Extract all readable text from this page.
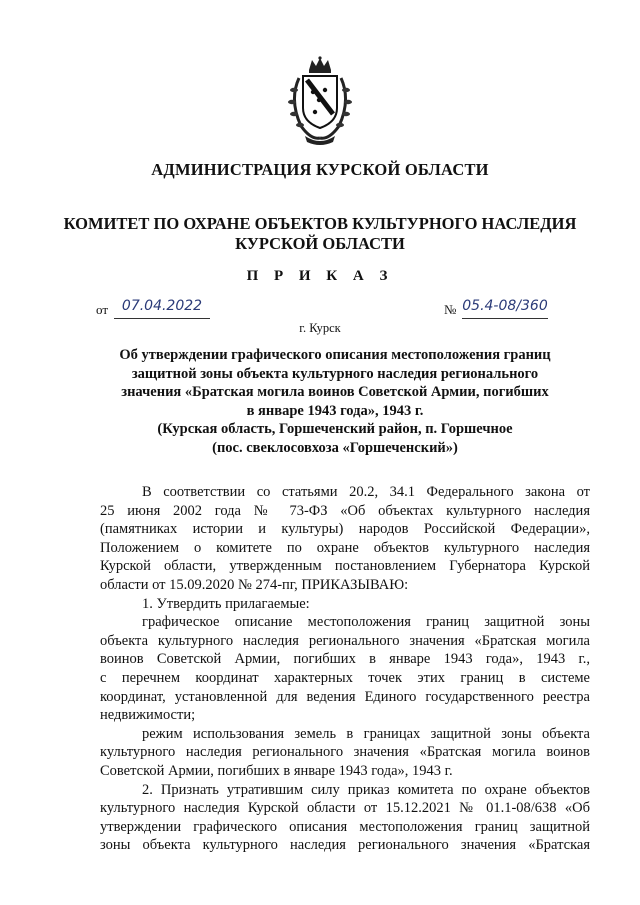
АДМИНИСТРАЦИЯ КУРСКОЙ ОБЛАСТИ
КОМИТЕТ ПО ОХРАНЕ ОБЪЕКТОВ КУЛЬТУРНОГО НАСЛЕДИЯ
КУРСКОЙ ОБЛАСТИ
П Р И К А З
от 07.04.2022	№ 05.4-08/360
г. Курск
Об утверждении графического описания местоположения границ
защитной зоны объекта культурного наследия регионального
значения «Братская могила воинов Советской Армии, погибших
в январе 1943 года», 1943 г.
(Курская область, Горшеченский район, п. Горшечное
(пос. свеклосовхоза «Горшеченский»)
В соответствии со статьями 20.2, 34.1 Федерального закона от
25 июня 2002 года № 73-ФЗ «Об объектах культурного наследия
(памятниках истории и культуры) народов Российской Федерации»,
Положением о комитете по охране объектов культурного наследия
Курской области, утвержденным постановлением Губернатора Курской
области от 15.09.2020 № 274-пг, ПРИКАЗЫВАЮ:
1. Утвердить прилагаемые:
графическое описание местоположения границ защитной зоны
объекта культурного наследия регионального значения «Братская могила
воинов Советской Армии, погибших в январе 1943 года», 1943 г.,
с перечнем координат характерных точек этих границ в системе
координат, установленной для ведения Единого государственного реестра
недвижимости;
режим использования земель в границах защитной зоны объекта
культурного наследия регионального значения «Братская могила воинов
Советской Армии, погибших в январе 1943 года», 1943 г.
2. Признать утратившим силу приказ комитета по охране объектов
культурного наследия Курской области от 15.12.2021 № 01.1-08/638 «Об
утверждении графического описания местоположения границ защитной
зоны объекта культурного наследия регионального значения «Братская
